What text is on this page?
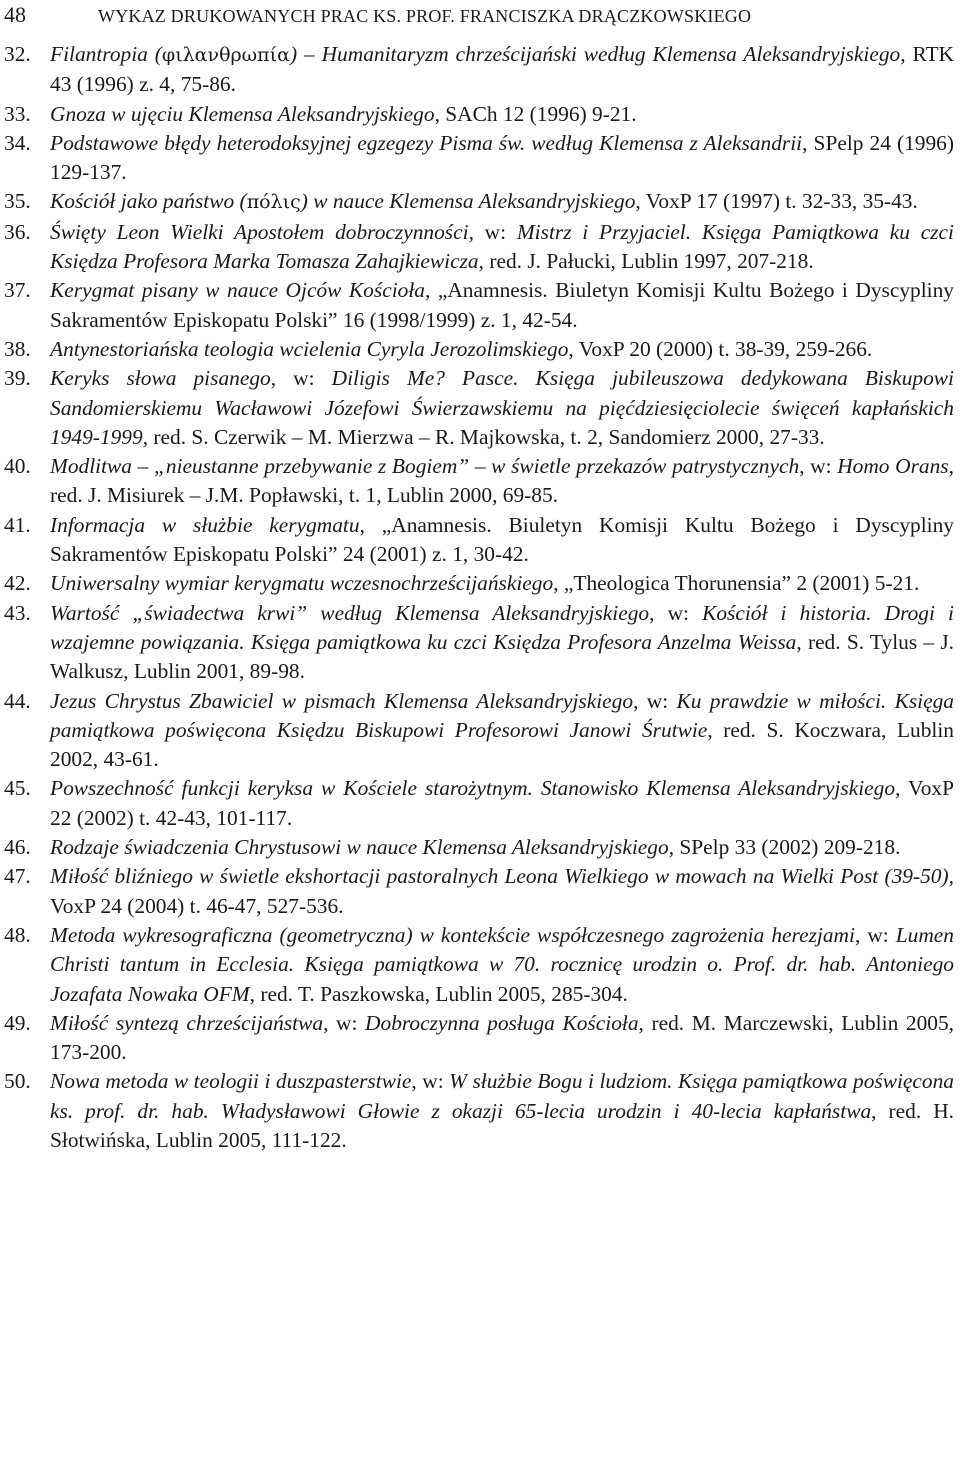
48	WYKAZ DRUKOWANYCH PRAC KS. PROF. FRANCISZKA DRĄCZKOWSKIEGO
32. Filantropia (φιλανθρωπία) – Humanitaryzm chrześcijański według Klemensa Aleksandryjskiego, RTK 43 (1996) z. 4, 75-86.
33. Gnoza w ujęciu Klemensa Aleksandryjskiego, SACh 12 (1996) 9-21.
34. Podstawowe błędy heterodoksyjnej egzegezy Pisma św. według Klemensa z Aleksandrii, SPelp 24 (1996) 129-137.
35. Kościół jako państwo (πόλις) w nauce Klemensa Aleksandryjskiego, VoxP 17 (1997) t. 32-33, 35-43.
36. Święty Leon Wielki Apostołem dobroczynności, w: Mistrz i Przyjaciel. Księga Pamiątkowa ku czci Księdza Profesora Marka Tomasza Zahajkiewicza, red. J. Pałucki, Lublin 1997, 207-218.
37. Kerygmat pisany w nauce Ojców Kościoła, „Anamnesis. Biuletyn Komisji Kultu Bożego i Dyscypliny Sakramentów Episkopatu Polski” 16 (1998/1999) z. 1, 42-54.
38. Antynestoriańska teologia wcielenia Cyryla Jerozolimskiego, VoxP 20 (2000) t. 38-39, 259-266.
39. Keryks słowa pisanego, w: Diligis Me? Pasce. Księga jubileuszowa dedykowana Biskupowi Sandomierskiemu Wacławowi Józefowi Świerzawskiemu na pięćdziesięciolecie święceń kapłańskich 1949-1999, red. S. Czerwik – M. Mierzwa – R. Majkowska, t. 2, Sandomierz 2000, 27-33.
40. Modlitwa – „nieustanne przebywanie z Bogiem” – w świetle przekazów patrystycznych, w: Homo Orans, red. J. Misiurek – J.M. Popławski, t. 1, Lublin 2000, 69-85.
41. Informacja w służbie kerygmatu, „Anamnesis. Biuletyn Komisji Kultu Bożego i Dyscypliny Sakramentów Episkopatu Polski” 24 (2001) z. 1, 30-42.
42. Uniwersalny wymiar kerygmatu wczesnochrześcijańskiego, „Theologica Thorunensia” 2 (2001) 5-21.
43. Wartość „świadectwa krwi” według Klemensa Aleksandryjskiego, w: Kościół i historia. Drogi i wzajemne powiązania. Księga pamiątkowa ku czci Księdza Profesora Anzelma Weissa, red. S. Tylus – J. Walkusz, Lublin 2001, 89-98.
44. Jezus Chrystus Zbawiciel w pismach Klemensa Aleksandryjskiego, w: Ku prawdzie w miłości. Księga pamiątkowa poświęcona Księdzu Biskupowi Profesorowi Janowi Śrutwie, red. S. Koczwara, Lublin 2002, 43-61.
45. Powszechność funkcji keryksa w Kościele starożytnym. Stanowisko Klemensa Aleksandryjskiego, VoxP 22 (2002) t. 42-43, 101-117.
46. Rodzaje świadczenia Chrystusowi w nauce Klemensa Aleksandryjskiego, SPelp 33 (2002) 209-218.
47. Miłość bliźniego w świetle ekshortacji pastoralnych Leona Wielkiego w mowach na Wielki Post (39-50), VoxP 24 (2004) t. 46-47, 527-536.
48. Metoda wykresograficzna (geometryczna) w kontekście współczesnego zagrożenia herezjami, w: Lumen Christi tantum in Ecclesia. Księga pamiątkowa w 70. rocznicę urodzin o. Prof. dr. hab. Antoniego Jozafata Nowaka OFM, red. T. Paszkowska, Lublin 2005, 285-304.
49. Miłość syntezą chrześcijaństwa, w: Dobroczynna posługa Kościoła, red. M. Marczewski, Lublin 2005, 173-200.
50. Nowa metoda w teologii i duszpasterstwie, w: W służbie Bogu i ludziom. Księga pamiątkowa poświęcona ks. prof. dr. hab. Władysławowi Głowie z okazji 65-lecia urodzin i 40-lecia kapłaństwa, red. H. Słotwińska, Lublin 2005, 111-122.
